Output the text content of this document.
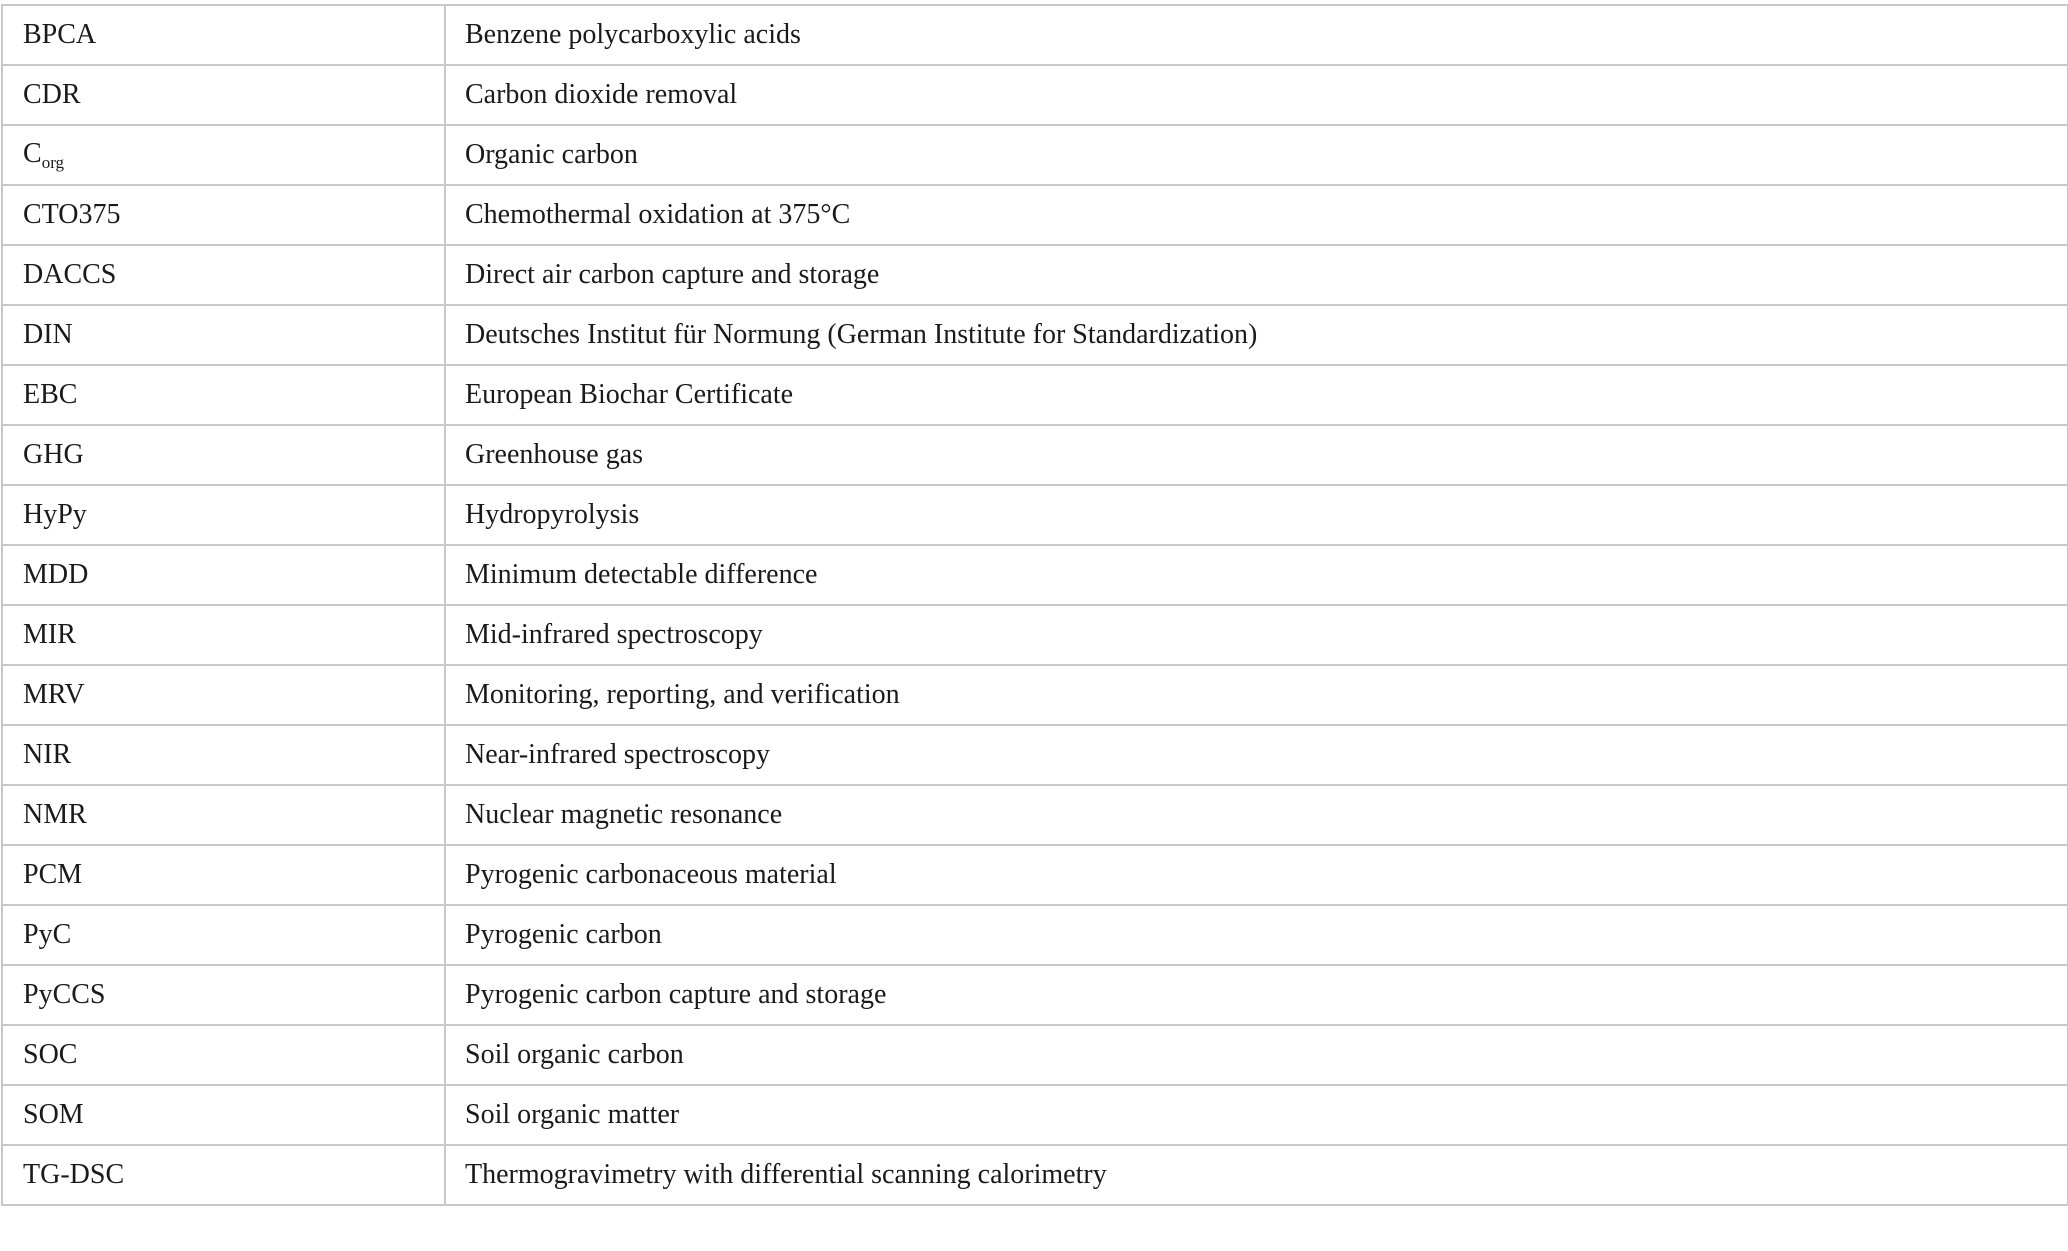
BPCA	Benzene polycarboxylic acids
CDR	Carbon dioxide removal
$C_{org}$	Organic carbon
CTO375	Chemothermal oxidation at 375°C
DACCS	Direct air carbon capture and storage
DIN	Deutsches Institut für Normung (German Institute for Standardization)
EBC	European Biochar Certificate
GHG	Greenhouse gas
HyPy	Hydropyrolysis
MDD	Minimum detectable difference
MIR	Mid-infrared spectroscopy
MRV	Monitoring, reporting, and verification
NIR	Near-infrared spectroscopy
NMR	Nuclear magnetic resonance
PCM	Pyrogenic carbonaceous material
PyC	Pyrogenic carbon
PyCCS	Pyrogenic carbon capture and storage
SOC	Soil organic carbon
SOM	Soil organic matter
TG-DSC	Thermogravimetry with differential scanning calorimetry
